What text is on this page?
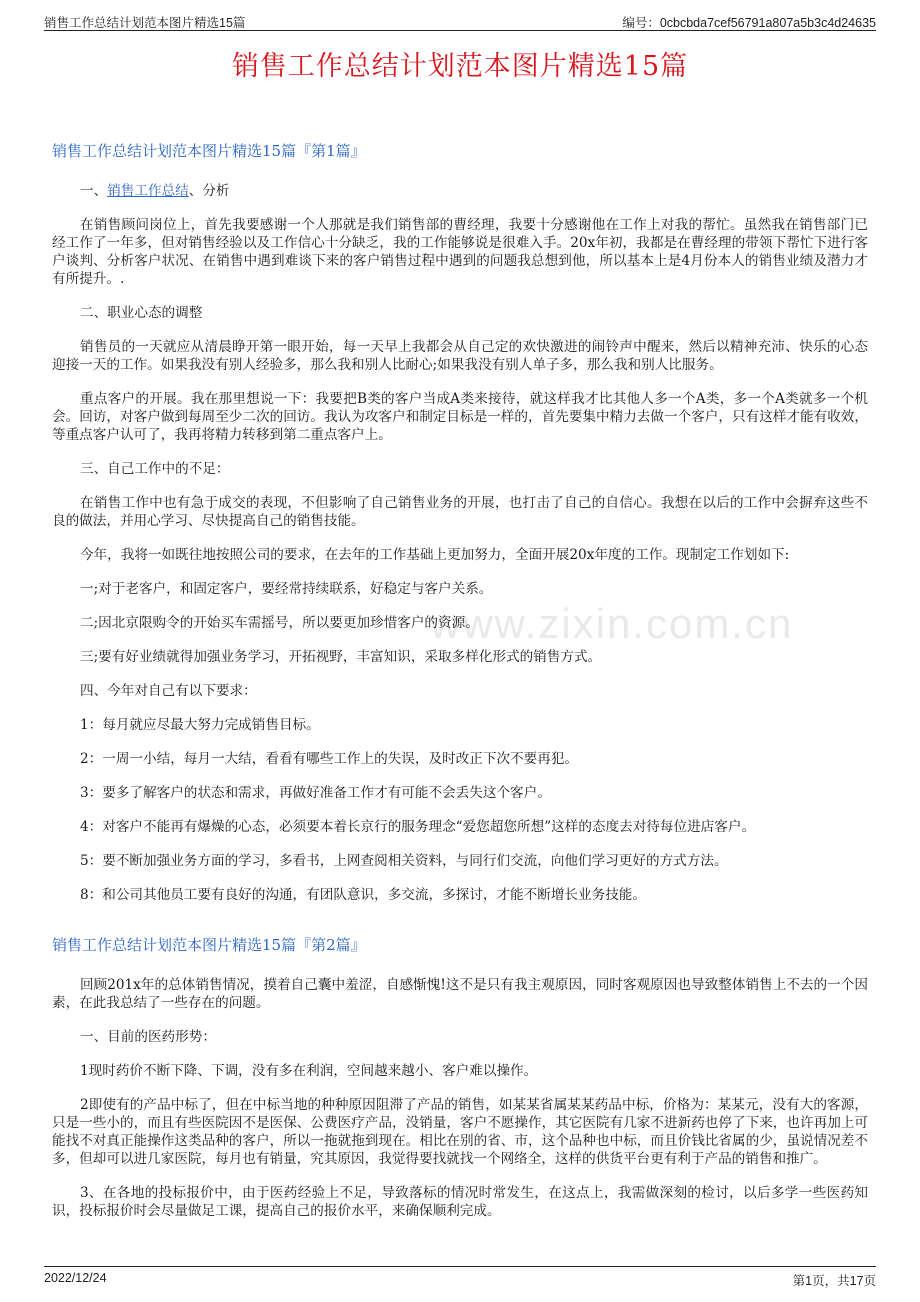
销售工作总结计划范本图片精选15篇	编号：0cbcbda7cef56791a807a5b3c4d24635
销售工作总结计划范本图片精选15篇
www.zixin.com.cn
销售工作总结计划范本图片精选15篇『第1篇』
一、销售工作总结、分析
在销售顾问岗位上，首先我要感谢一个人那就是我们销售部的曹经理，我要十分感谢他在工作上对我的帮忙。虽然我在销售部门已经工作了一年多，但对销售经验以及工作信心十分缺乏，我的工作能够说是很难入手。20x年初，我都是在曹经理的带领下帮忙下进行客户谈判、分析客户状况、在销售中遇到难谈下来的客户销售过程中遇到的问题我总想到他，所以基本上是4月份本人的销售业绩及潜力才有所提升。.
二、职业心态的调整
销售员的一天就应从清晨睁开第一眼开始，每一天早上我都会从自己定的欢快激进的闹铃声中醒来，然后以精神充沛、快乐的心态迎接一天的工作。如果我没有别人经验多，那么我和别人比耐心;如果我没有别人单子多，那么我和别人比服务。
重点客户的开展。我在那里想说一下：我要把B类的客户当成A类来接待，就这样我才比其他人多一个A类，多一个A类就多一个机会。回访，对客户做到每周至少二次的回访。我认为攻客户和制定目标是一样的，首先要集中精力去做一个客户，只有这样才能有收效，等重点客户认可了，我再将精力转移到第二重点客户上。
三、自己工作中的不足：
在销售工作中也有急于成交的表现，不但影响了自己销售业务的开展，也打击了自己的自信心。我想在以后的工作中会摒弃这些不良的做法，并用心学习、尽快提高自己的销售技能。
今年，我将一如既往地按照公司的要求，在去年的工作基础上更加努力，全面开展20x年度的工作。现制定工作划如下:
一;对于老客户，和固定客户，要经常持续联系，好稳定与客户关系。
二;因北京限购令的开始买车需摇号，所以要更加珍惜客户的资源。
三;要有好业绩就得加强业务学习，开拓视野，丰富知识，采取多样化形式的销售方式。
四、今年对自己有以下要求：
1：每月就应尽最大努力完成销售目标。
2：一周一小结，每月一大结，看看有哪些工作上的失误，及时改正下次不要再犯。
3：要多了解客户的状态和需求，再做好准备工作才有可能不会丢失这个客户。
4：对客户不能再有爆燥的心态，必须要本着长京行的服务理念“爱您超您所想”这样的态度去对待每位进店客户。
5：要不断加强业务方面的学习，多看书，上网查阅相关资料，与同行们交流，向他们学习更好的方式方法。
8：和公司其他员工要有良好的沟通，有团队意识，多交流，多探讨，才能不断增长业务技能。
销售工作总结计划范本图片精选15篇『第2篇』
回顾201x年的总体销售情况，摸着自己囊中羞涩，自感惭愧!这不是只有我主观原因，同时客观原因也导致整体销售上不去的一个因素，在此我总结了一些存在的问题。
一、目前的医药形势：
1现时药价不断下降、下调，没有多在利润，空间越来越小、客户难以操作。
2即使有的产品中标了，但在中标当地的种种原因阻滞了产品的销售，如某某省属某某药品中标，价格为：某某元，没有大的客源，只是一些小的，而且有些医院因不是医保、公费医疗产品，没销量，客户不愿操作，其它医院有几家不进新药也停了下来，也许再加上可能找不对真正能操作这类品种的客户，所以一拖就拖到现在。相比在别的省、市，这个品种也中标，而且价钱比省属的少，虽说情况差不多，但却可以进几家医院，每月也有销量，究其原因，我觉得要找就找一个网络全，这样的供货平台更有利于产品的销售和推广。
3、在各地的投标报价中，由于医药经验上不足，导致落标的情况时常发生，在这点上，我需做深刻的检讨，以后多学一些医药知识，投标报价时会尽量做足工课，提高自己的报价水平，来确保顺利完成。
2022/12/24	第1页，共17页
